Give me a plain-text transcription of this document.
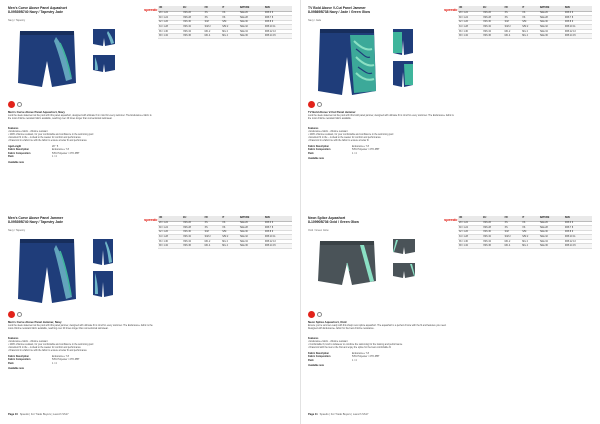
Men's Curve Above Panel Aquashort
8-09539B740 Navy / Tapestry Jade
Navy / Tapestry
speedo
Men's Curve Above Panel Aquashort, Navy
Look the sleek statement at the pool with this panel aquashort, designed with ultimate fit in mind for every swimmer. The Endurance+ fabric is the most chlorine resistant fabric available, reaching over 20 times longer than conventional swimwear.
Features
• Endurance+ fabric - chlorine resistant
• 100% chlorine resistant, for your comfortable and confidence in the swimming pool
• Excellent fit in the – is ideal to the wearer for comfort and performance
• Drawcord in a fabric tie with the fabric to ensure a better fit and performance
Age/Length	28 " 5
Fabric Description	Endurance+ 7.8
Fabric Composition	53% Polyester / 47% PBT
Pack	1 / 4
Available now
UK	EU	FR	IT	NATURE	SIZE
28 / 1.22	XSS 26	XS	XS	Talla 26	FR8 3 6
30 / 1.24	XSS 28	XS	XS	Talla 28	FR8 7 8
32 / 1.26	XSS 30	S/M	S/M	Talla 30	FR8 8 9
34 / 1.28	XSS 32	S/M 2	S/M 2	Talla 32	FR8 10 11
36 / 1.30	XSS 34	M/L 2	M/L 2	Talla 34	FR8 12 13
38 / 1.32	XSS 36	M/L 4	M/L 4	Talla 36	FR8 14 15
Men's Curve Above Panel Jammer
8-09539B740 Navy / Tapestry Jade
Navy / Tapestry
speedo
Men's Curve Above Panel Jammer, Navy
Look the sleek statement at the pool with this panel jammer, designed with ultimate fit in mind for every swimmer. The Endurance+ fabric is the most chlorine resistant fabric available, reaching over 20 times longer than conventional swimwear.
Features
• Endurance+ fabric - chlorine resistant
• 100% chlorine resistant, for your comfortable and confidence in the swimming pool
• Excellent fit in the – is ideal to the wearer for comfort and performance
• Drawcord in a fabric tie with the fabric to ensure a better fit and performance
Fabric Description	Endurance+ 7.8
Fabric Composition	53% Polyester / 47% PBT
Pack	1 / 4
Available now
UK	EU	FR	IT	NATURE	SIZE
28 / 1.22	XSS 26	XS	XS	Talla 26	FR8 3 6
30 / 1.24	XSS 28	XS	XS	Talla 28	FR8 7 8
32 / 1.26	XSS 30	S/M	S/M	Talla 30	FR8 8 9
34 / 1.28	XSS 32	S/M 2	S/M 2	Talla 32	FR8 10 11
36 / 1.30	XSS 34	M/L 2	M/L 2	Talla 34	FR8 12 13
38 / 1.32	XSS 36	M/L 4	M/L 4	Talla 36	FR8 14 15
Page 10 Speedo | For Trade Buyers | Launch SS17
TV Bold Above V-Cut Panel Jammer
8-09869B738 Navy / Jade / Green Glow
Navy / Jade
speedo
TV Bold Above V-Cut Panel Jammer
Look the sleek statement at the pool with this bold panel jammer, designed with ultimate fit in mind for every swimmer. The Endurance+ fabric is the most chlorine resistant fabric available.
Features
• Endurance+ fabric - chlorine resistant
• 100% chlorine resistant, for your comfortable and confidence in the swimming pool
• Excellent fit in the – is ideal to the wearer for comfort and performance
• Drawcord in a fabric tie with the fabric to ensure a better fit
Fabric Description	Endurance+ 7.8
Fabric Composition	53% Polyester / 47% PBT
Pack	1 / 4
Available now
UK	EU	FR	IT	NATURE	SIZE
28 / 1.22	XSS 26	XS	XS	Talla 26	FR8 3 6
30 / 1.24	XSS 28	XS	XS	Talla 28	FR8 7 8
32 / 1.26	XSS 30	S/M	S/M	Talla 30	FR8 8 9
34 / 1.28	XSS 32	S/M 2	S/M 2	Talla 32	FR8 10 11
36 / 1.30	XSS 34	M/L 2	M/L 2	Talla 34	FR8 12 13
38 / 1.32	XSS 36	M/L 4	M/L 4	Talla 36	FR8 14 15
Neon Splice Aquashort
8-10990B736 Oxid / Green Glow
Oxid / Green Glow
speedo
Neon Splice Aquashort, Oxid
Ensure you're summer-ready with this sharp neon splice aquashort. The aquashort is a perfect choice with the fit and features you need. Designed with Endurance+ fabric for the best chlorine resistance.
Features
• Endurance+ fabric - chlorine resistant
• Comfortable fit, kind to whatever to combine the swimming for the training and performance
• Drawcord with the ties to the first and enjoy the splice for the best comfortable fit
Fabric Description	Endurance+ 7.8
Fabric Composition	53% Polyester / 47% PBT
Pack	1 / 4
Available now
UK	EU	FR	IT	NATURE	SIZE
28 / 1.22	XSS 26	XS	XS	Talla 26	FR8 3 6
30 / 1.24	XSS 28	XS	XS	Talla 28	FR8 7 8
32 / 1.26	XSS 30	S/M	S/M	Talla 30	FR8 8 9
34 / 1.28	XSS 32	S/M 2	S/M 2	Talla 32	FR8 10 11
36 / 1.30	XSS 34	M/L 2	M/L 2	Talla 34	FR8 12 13
38 / 1.32	XSS 36	M/L 4	M/L 4	Talla 36	FR8 14 15
Page 11 Speedo | For Trade Buyers | Launch SS17
